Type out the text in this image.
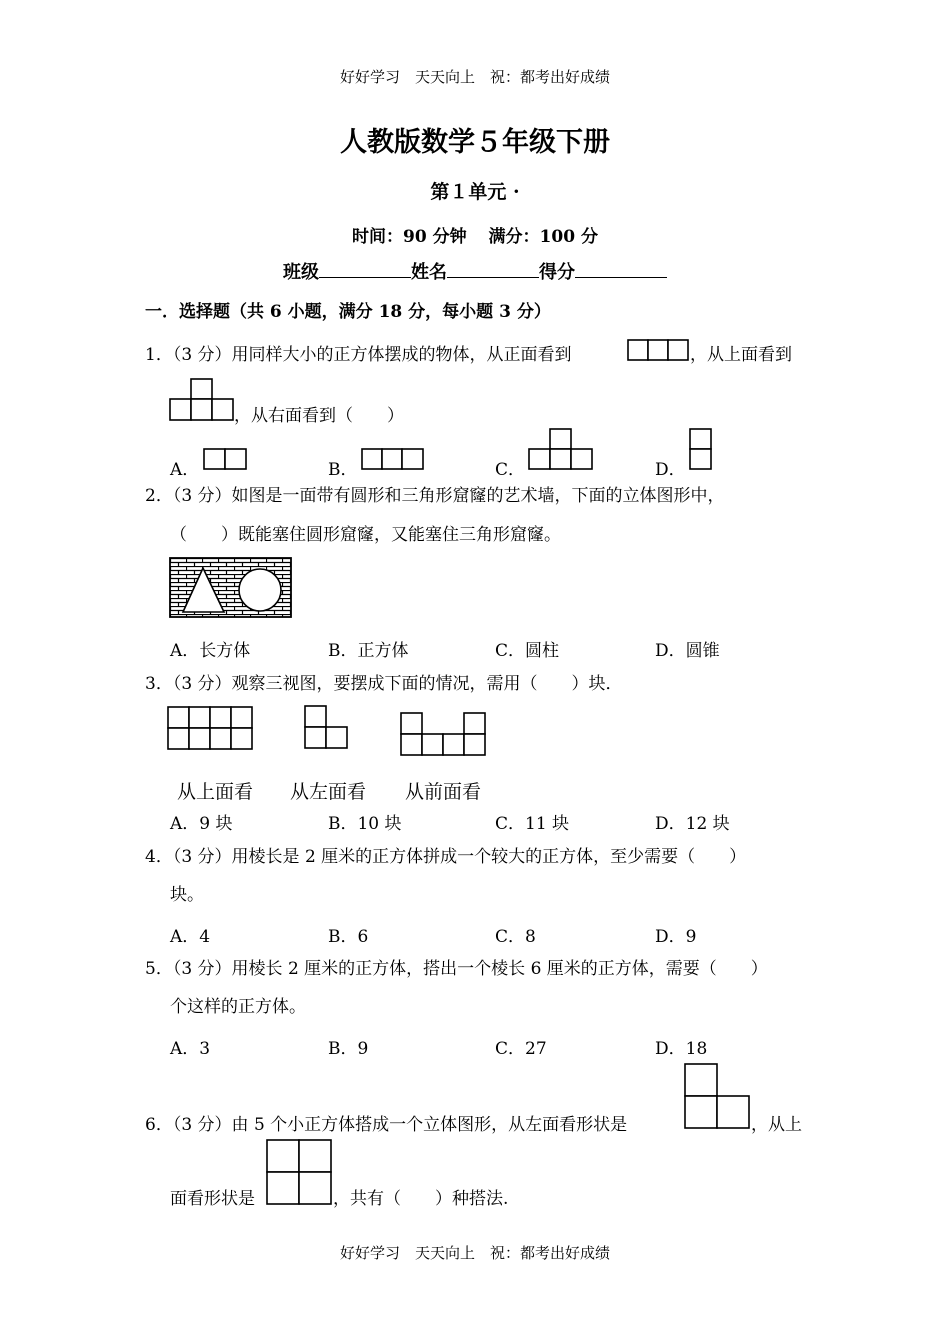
好好学习　天天向上　祝：都考出好成绩
人教版数学５年级下册
第１单元 ·
时间：90 分钟 满分：100 分
班级	姓名	得分
一．选择题（共 6 小题，满分 18 分，每小题 3 分）
1．（3 分）用同样大小的正方体摆成的物体，从正面看到	，从上面看到
，从右面看到（　　）
A．	B．	C．	D．
2．（3 分）如图是一面带有圆形和三角形窟窿的艺术墙，下面的立体图形中，
（　　）既能塞住圆形窟窿，又能塞住三角形窟窿。
A．长方体	B．正方体	C．圆柱	D．圆锥
3．（3 分）观察三视图，要摆成下面的情况，需用（　　）块．
从上面看 从左面看 从前面看
A．9 块	B．10 块	C．11 块	D．12 块
4．（3 分）用棱长是 2 厘米的正方体拼成一个较大的正方体，至少需要（　　）
块。
A．4	B．6	C．8	D．9
5．（3 分）用棱长 2 厘米的正方体，搭出一个棱长 6 厘米的正方体，需要（　　）
个这样的正方体。
A．3	B．9	C．27	D．18
6．（3 分）由 5 个小正方体搭成一个立体图形，从左面看形状是	，从上
面看形状是	，共有（　　）种搭法.
好好学习　天天向上　祝：都考出好成绩
